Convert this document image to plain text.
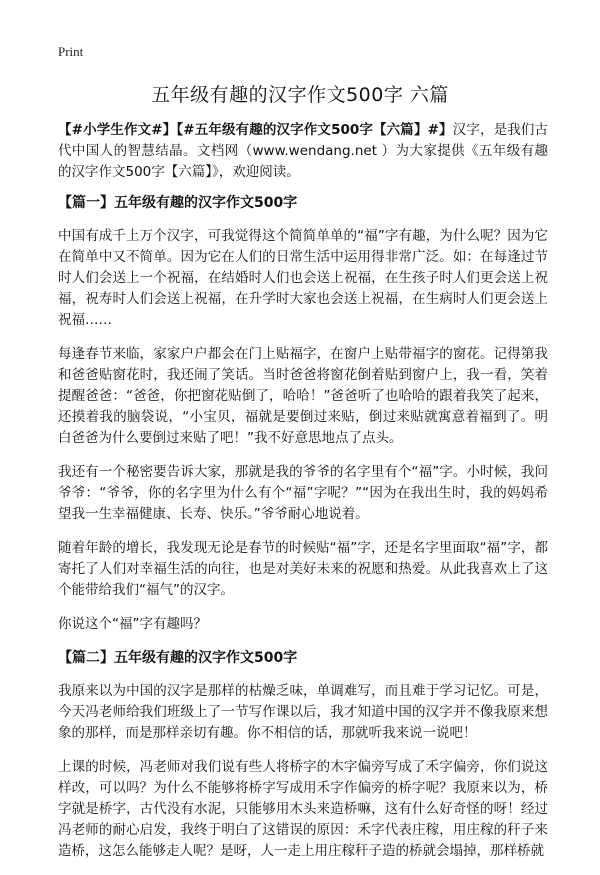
Print
五年级有趣的汉字作文500字 六篇

【#小学生作文#】【#五年级有趣的汉字作文500字【六篇】#】汉字，是我们古代中国人的智慧结晶。文档网（www.wendang.net ）为大家提供《五年级有趣的汉字作文500字【六篇】》，欢迎阅读。

【篇一】五年级有趣的汉字作文500字

中国有成千上万个汉字，可我觉得这个简简单单的“福”字有趣，为什么呢？因为它在简单中又不简单。因为它在人们的日常生活中运用得非常广泛。如：在每逢过节时人们会送上一个祝福，在结婚时人们也会送上祝福，在生孩子时人们更会送上祝福，祝寿时人们会送上祝福，在升学时大家也会送上祝福，在生病时人们更会送上祝福……

每逢春节来临，家家户户都会在门上贴福字，在窗户上贴带福字的窗花。记得第我和爸爸贴窗花时，我还闹了笑话。当时爸爸将窗花倒着贴到窗户上，我一看，笑着提醒爸爸：“爸爸，你把窗花贴倒了，哈哈！”爸爸听了也哈哈的跟着我笑了起来，还摸着我的脑袋说，“小宝贝，福就是要倒过来贴，倒过来贴就寓意着福到了。明白爸爸为什么要倒过来贴了吧！”我不好意思地点了点头。

我还有一个秘密要告诉大家，那就是我的爷爷的名字里有个“福”字。小时候，我问爷爷：“爷爷，你的名字里为什么有个“福”字呢？”“因为在我出生时，我的妈妈希望我一生幸福健康、长寿、快乐。”爷爷耐心地说着。

随着年龄的增长，我发现无论是春节的时候贴“福”字，还是名字里面取“福”字，都寄托了人们对幸福生活的向往，也是对美好未来的祝愿和热爱。从此我喜欢上了这个能带给我们“福气”的汉字。

你说这个“福”字有趣吗？

【篇二】五年级有趣的汉字作文500字

我原来以为中国的汉字是那样的枯燥乏味，单调难写，而且难于学习记忆。可是，今天冯老师给我们班级上了一节写作课以后，我才知道中国的汉字并不像我原来想象的那样，而是那样亲切有趣。你不相信的话，那就听我来说一说吧！

上课的时候，冯老师对我们说有些人将桥字的木字偏旁写成了禾字偏旁，你们说这样改，可以吗？为什么不能够将桥字写成用禾字作偏旁的桥字呢？我原来以为，桥字就是桥字，古代没有水泥，只能够用木头来造桥嘛，这有什么好奇怪的呀！经过冯老师的耐心启发，我终于明白了这错误的原因：禾字代表庄稼，用庄稼的秆子来造桥，这怎么能够走人呢？是呀，人一走上用庄稼秆子造的桥就会塌掉，那样桥就
